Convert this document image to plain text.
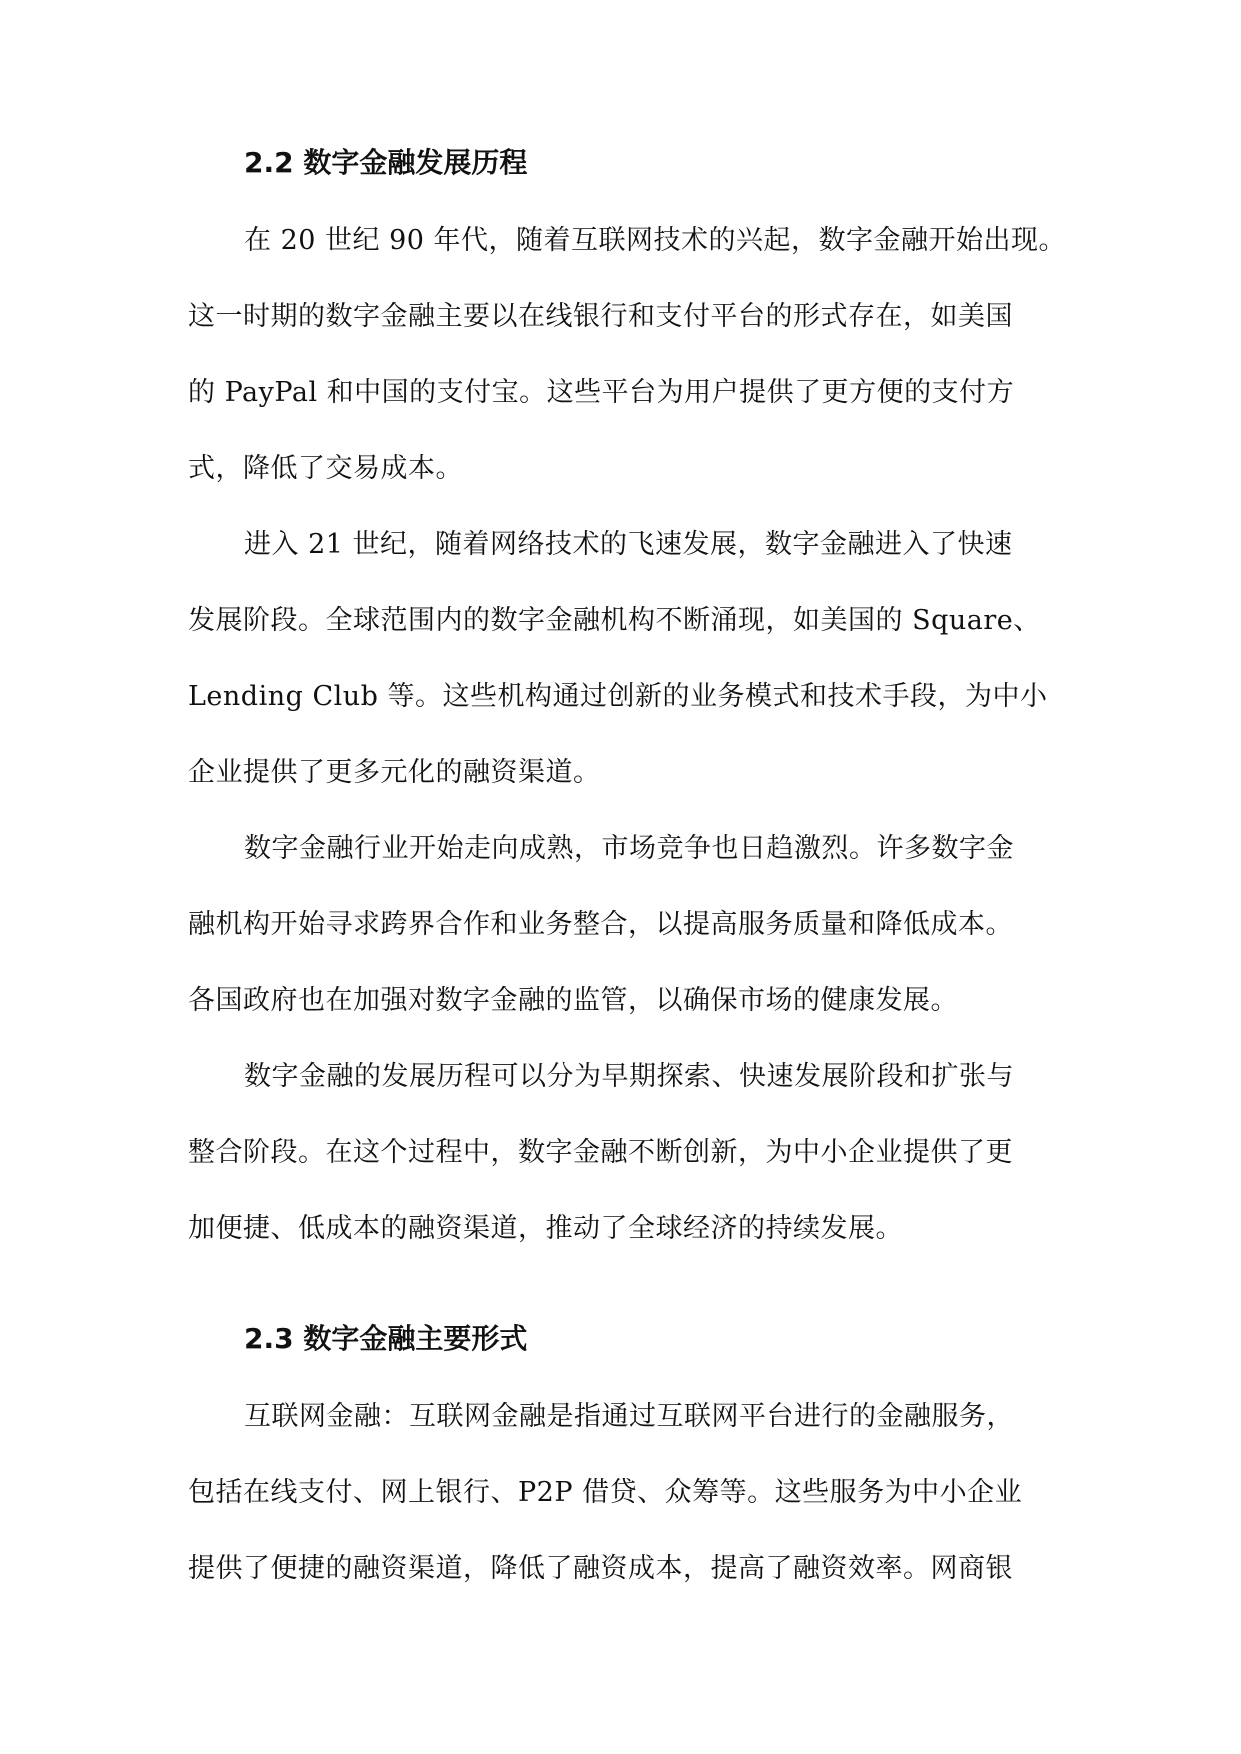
2.2 数字金融发展历程
在 20 世纪 90 年代，随着互联网技术的兴起，数字金融开始出现。
这一时期的数字金融主要以在线银行和支付平台的形式存在，如美国
的 PayPal 和中国的支付宝。这些平台为用户提供了更方便的支付方
式，降低了交易成本。
进入 21 世纪，随着网络技术的飞速发展，数字金融进入了快速
发展阶段。全球范围内的数字金融机构不断涌现，如美国的 Square、
Lending Club 等。这些机构通过创新的业务模式和技术手段，为中小
企业提供了更多元化的融资渠道。
数字金融行业开始走向成熟，市场竞争也日趋激烈。许多数字金
融机构开始寻求跨界合作和业务整合，以提高服务质量和降低成本。
各国政府也在加强对数字金融的监管，以确保市场的健康发展。
数字金融的发展历程可以分为早期探索、快速发展阶段和扩张与
整合阶段。在这个过程中，数字金融不断创新，为中小企业提供了更
加便捷、低成本的融资渠道，推动了全球经济的持续发展。
2.3 数字金融主要形式
互联网金融：互联网金融是指通过互联网平台进行的金融服务，
包括在线支付、网上银行、P2P 借贷、众筹等。这些服务为中小企业
提供了便捷的融资渠道，降低了融资成本，提高了融资效率。网商银
